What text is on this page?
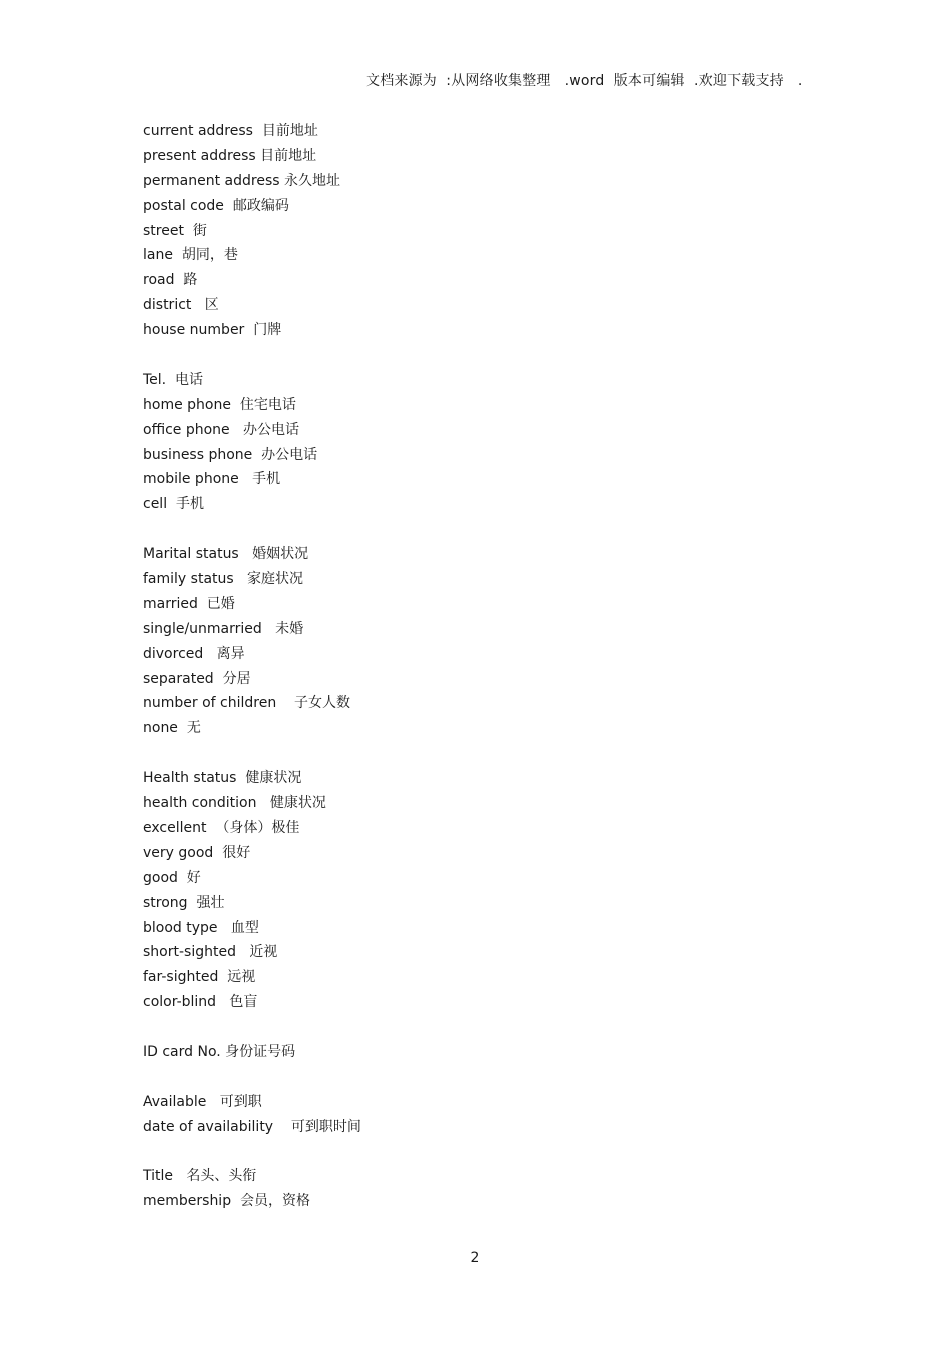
文档来源为  :从网络收集整理   .word  版本可编辑  .欢迎下载支持   .
current address  目前地址
present address 目前地址
permanent address 永久地址
postal code  邮政编码
street  街
lane  胡同，巷
road  路
district   区
house number  门牌
Tel.  电话
home phone  住宅电话
office phone   办公电话
business phone  办公电话
mobile phone   手机
cell  手机
Marital status   婚姻状况
family status   家庭状况
married  已婚
single/unmarried   未婚
divorced   离异
separated  分居
number of children    子女人数
none  无
Health status  健康状况
health condition   健康状况
excellent  （身体）极佳
very good  很好
good  好
strong  强壮
blood type   血型
short-sighted   近视
far-sighted  远视
color-blind   色盲
ID card No. 身份证号码
Available   可到职
date of availability    可到职时间
Title   名头、头衔
membership  会员，资格
2
